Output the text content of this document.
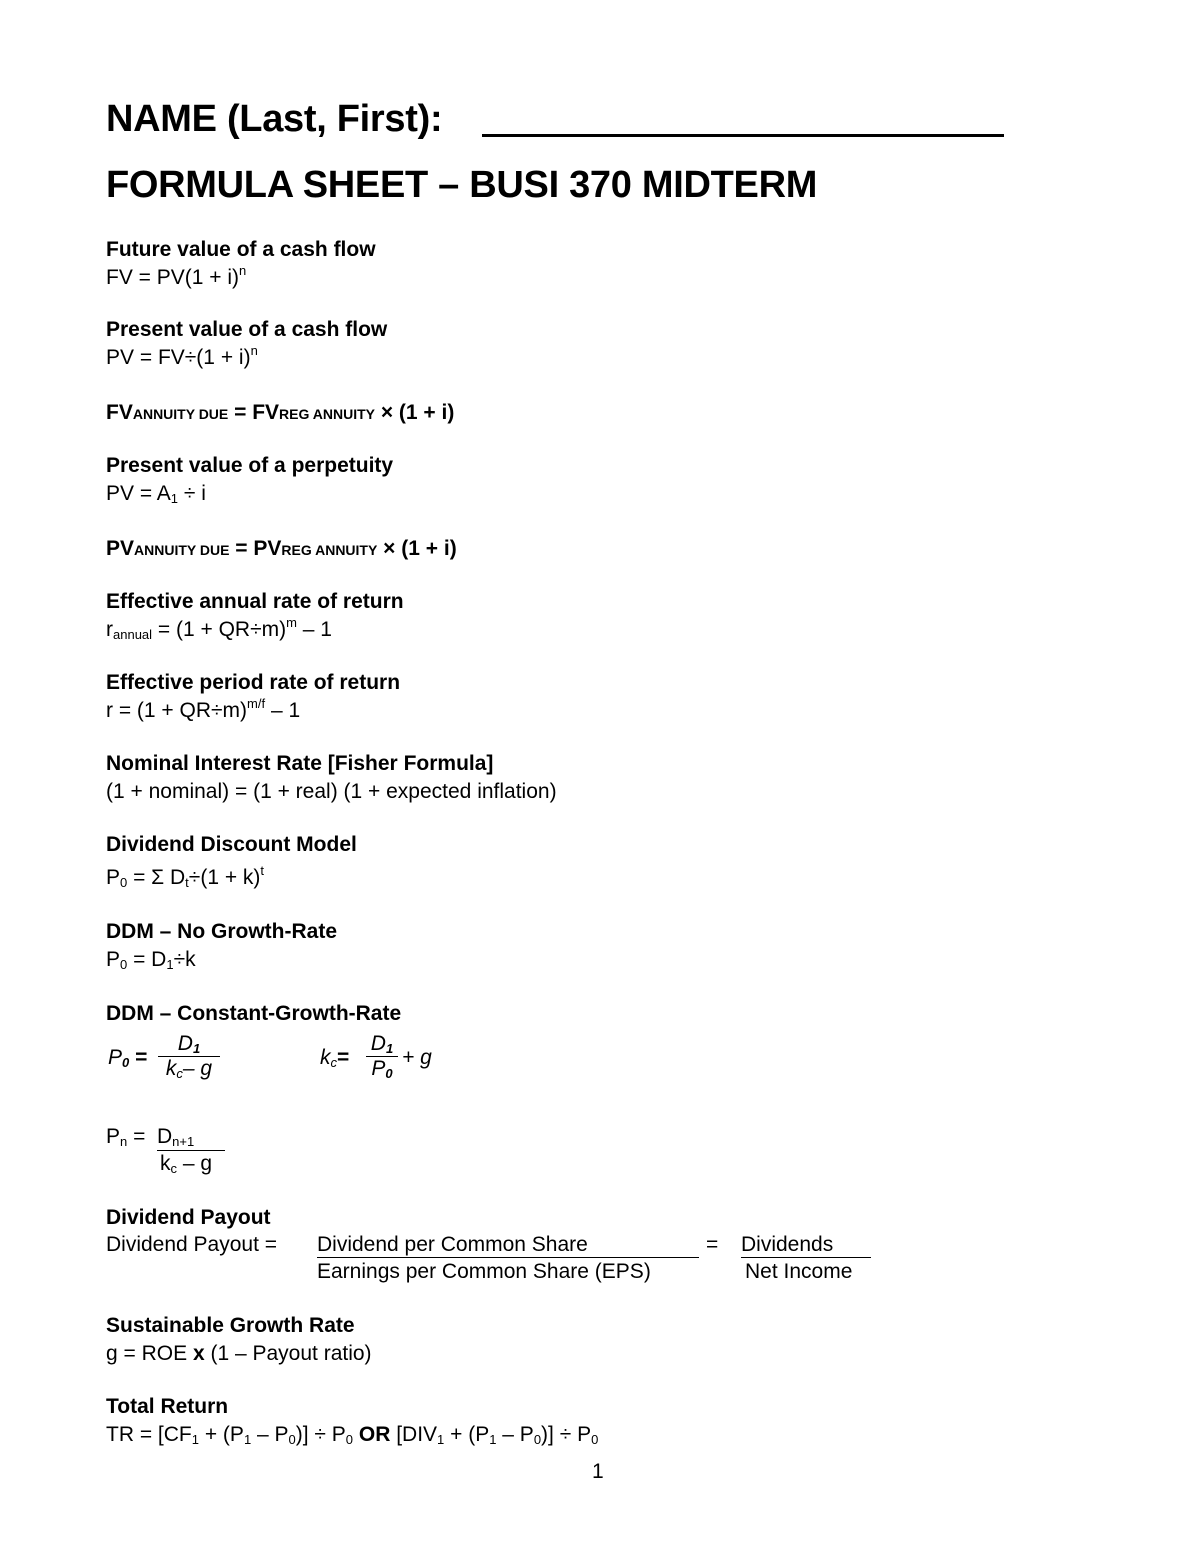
NAME (Last, First):
FORMULA SHEET – BUSI 370 MIDTERM
Future value of a cash flow
FV = $PV(1 + i)^n$
Present value of a cash flow
PV = $FV\div(1 + i)^n$
FVANNUITY DUE = FVREG ANNUITY × (1 + i)
Present value of a perpetuity
PV = $A_1 \div i$
PVANNUITY DUE = PVREG ANNUITY × (1 + i)
Effective annual rate of return
$r_{annual} = (1 + QR\div m)^m - 1$
Effective period rate of return
$r = (1 + QR\div m)^{m/f} - 1$
Nominal Interest Rate [Fisher Formula]
(1 + nominal) = (1 + real) (1 + expected inflation)
Dividend Discount Model
$P_0 = \Sigma$ $D_t\div(1 + k)^t$
DDM – No Growth-Rate
$P_0 = D_1\div k$
DDM – Constant-Growth-Rate
$P_0$ =
$D_1$
$k_c-$ g	$k_c=$
$D_1$
$P_0$
+ g
$P_n = D_{n+1}$
$k_c$ – g
Dividend Payout
Dividend Payout = Dividend per Common Share
Earnings per Common Share (EPS)
= Dividends
Net Income
Sustainable Growth Rate
g = ROE x (1 – Payout ratio)
Total Return
TR = $[CF_1 + (P_1 - P_0)] \div P_0$ OR $[DIV_1 + (P_1 - P_0)] \div P_0$
1
